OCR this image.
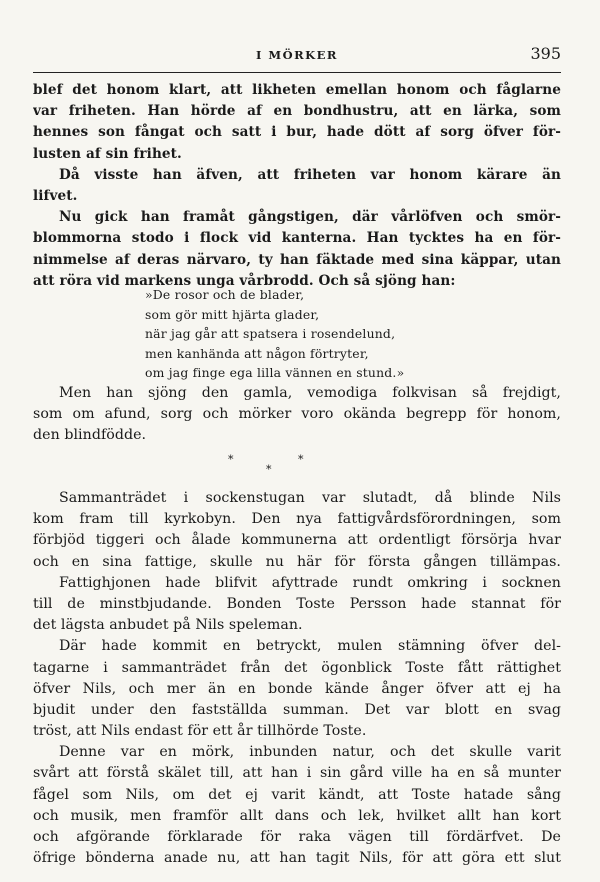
I MÖRKER	395
blef det honom klart, att likheten emellan honom och fåglarne
var friheten. Han hörde af en bondhustru, att en lärka, som
hennes son fångat och satt i bur, hade dött af sorg öfver för-
lusten af sin frihet.
Då visste han äfven, att friheten var honom kärare än
lifvet.
Nu gick han framåt gångstigen, där vårlöfven och smör-
blommorna stodo i flock vid kanterna. Han tycktes ha en för-
nimmelse af deras närvaro, ty han fäktade med sina käppar, utan
att röra vid markens unga vårbrodd. Och så sjöng han:
»De rosor och de blader,
som gör mitt hjärta glader,
när jag går att spatsera i rosendelund,
men kanhända att någon förtryter,
om jag finge ega lilla vännen en stund.»
Men han sjöng den gamla, vemodiga folkvisan så frejdigt,
som om afund, sorg och mörker voro okända begrepp för honom,
den blindfödde.
*
*
*
Sammanträdet i sockenstugan var slutadt, då blinde Nils
kom fram till kyrkobyn. Den nya fattigvårdsförordningen, som
förbjöd tiggeri och ålade kommunerna att ordentligt försörja hvar
och en sina fattige, skulle nu här för första gången tillämpas.
Fattighjonen hade blifvit afyttrade rundt omkring i socknen
till de minstbjudande. Bonden Toste Persson hade stannat för
det lägsta anbudet på Nils speleman.
Där hade kommit en betryckt, mulen stämning öfver del-
tagarne i sammanträdet från det ögonblick Toste fått rättighet
öfver Nils, och mer än en bonde kände ånger öfver att ej ha
bjudit under den fastställda summan. Det var blott en svag
tröst, att Nils endast för ett år tillhörde Toste.
Denne var en mörk, inbunden natur, och det skulle varit
svårt att förstå skälet till, att han i sin gård ville ha en så munter
fågel som Nils, om det ej varit kändt, att Toste hatade sång
och musik, men framför allt dans och lek, hvilket allt han kort
och afgörande förklarade för raka vägen till fördärfvet. De
öfrige bönderna anade nu, att han tagit Nils, för att göra ett slut
